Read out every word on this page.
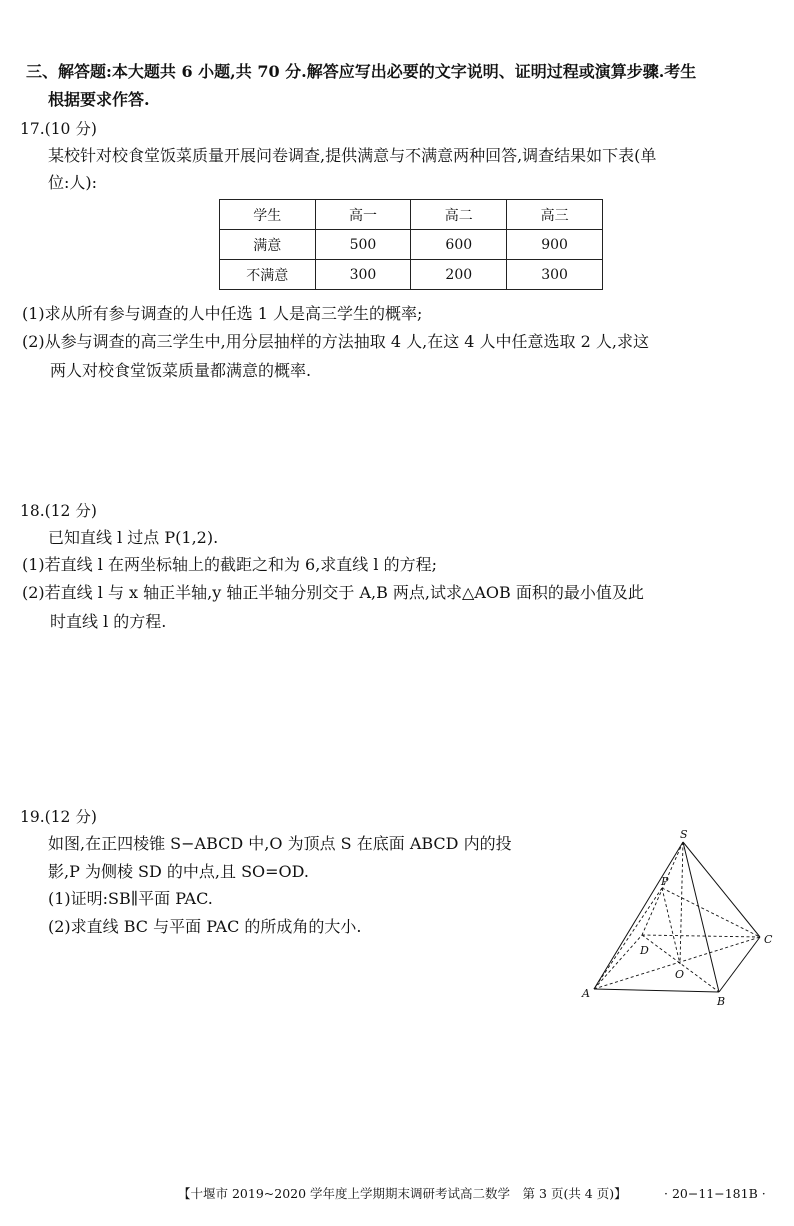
三、解答题:本大题共 6 小题,共 70 分.解答应写出必要的文字说明、证明过程或演算步骤.考生
根据要求作答.
17.(10 分)
某校针对校食堂饭菜质量开展问卷调查,提供满意与不满意两种回答,调查结果如下表(单
位:人):
学生	高一	高二	高三
满意	500	600	900
不满意	300	200	300
(1)求从所有参与调查的人中任选 1 人是高三学生的概率;
(2)从参与调查的高三学生中,用分层抽样的方法抽取 4 人,在这 4 人中任意选取 2 人,求这
两人对校食堂饭菜质量都满意的概率.
18.(12 分)
已知直线 l 过点 P(1,2).
(1)若直线 l 在两坐标轴上的截距之和为 6,求直线 l 的方程;
(2)若直线 l 与 x 轴正半轴,y 轴正半轴分别交于 A,B 两点,试求△AOB 面积的最小值及此
时直线 l 的方程.
19.(12 分)
如图,在正四棱锥 S−ABCD 中,O 为顶点 S 在底面 ABCD 内的投
影,P 为侧棱 SD 的中点,且 SO=OD.
(1)证明:SB∥平面 PAC.
(2)求直线 BC 与平面 PAC 的所成角的大小.
S
P
D
C
O
A
B
【十堰市 2019~2020 学年度上学期期末调研考试高二数学　第 3 页(共 4 页)】	· 20−11−181B ·
